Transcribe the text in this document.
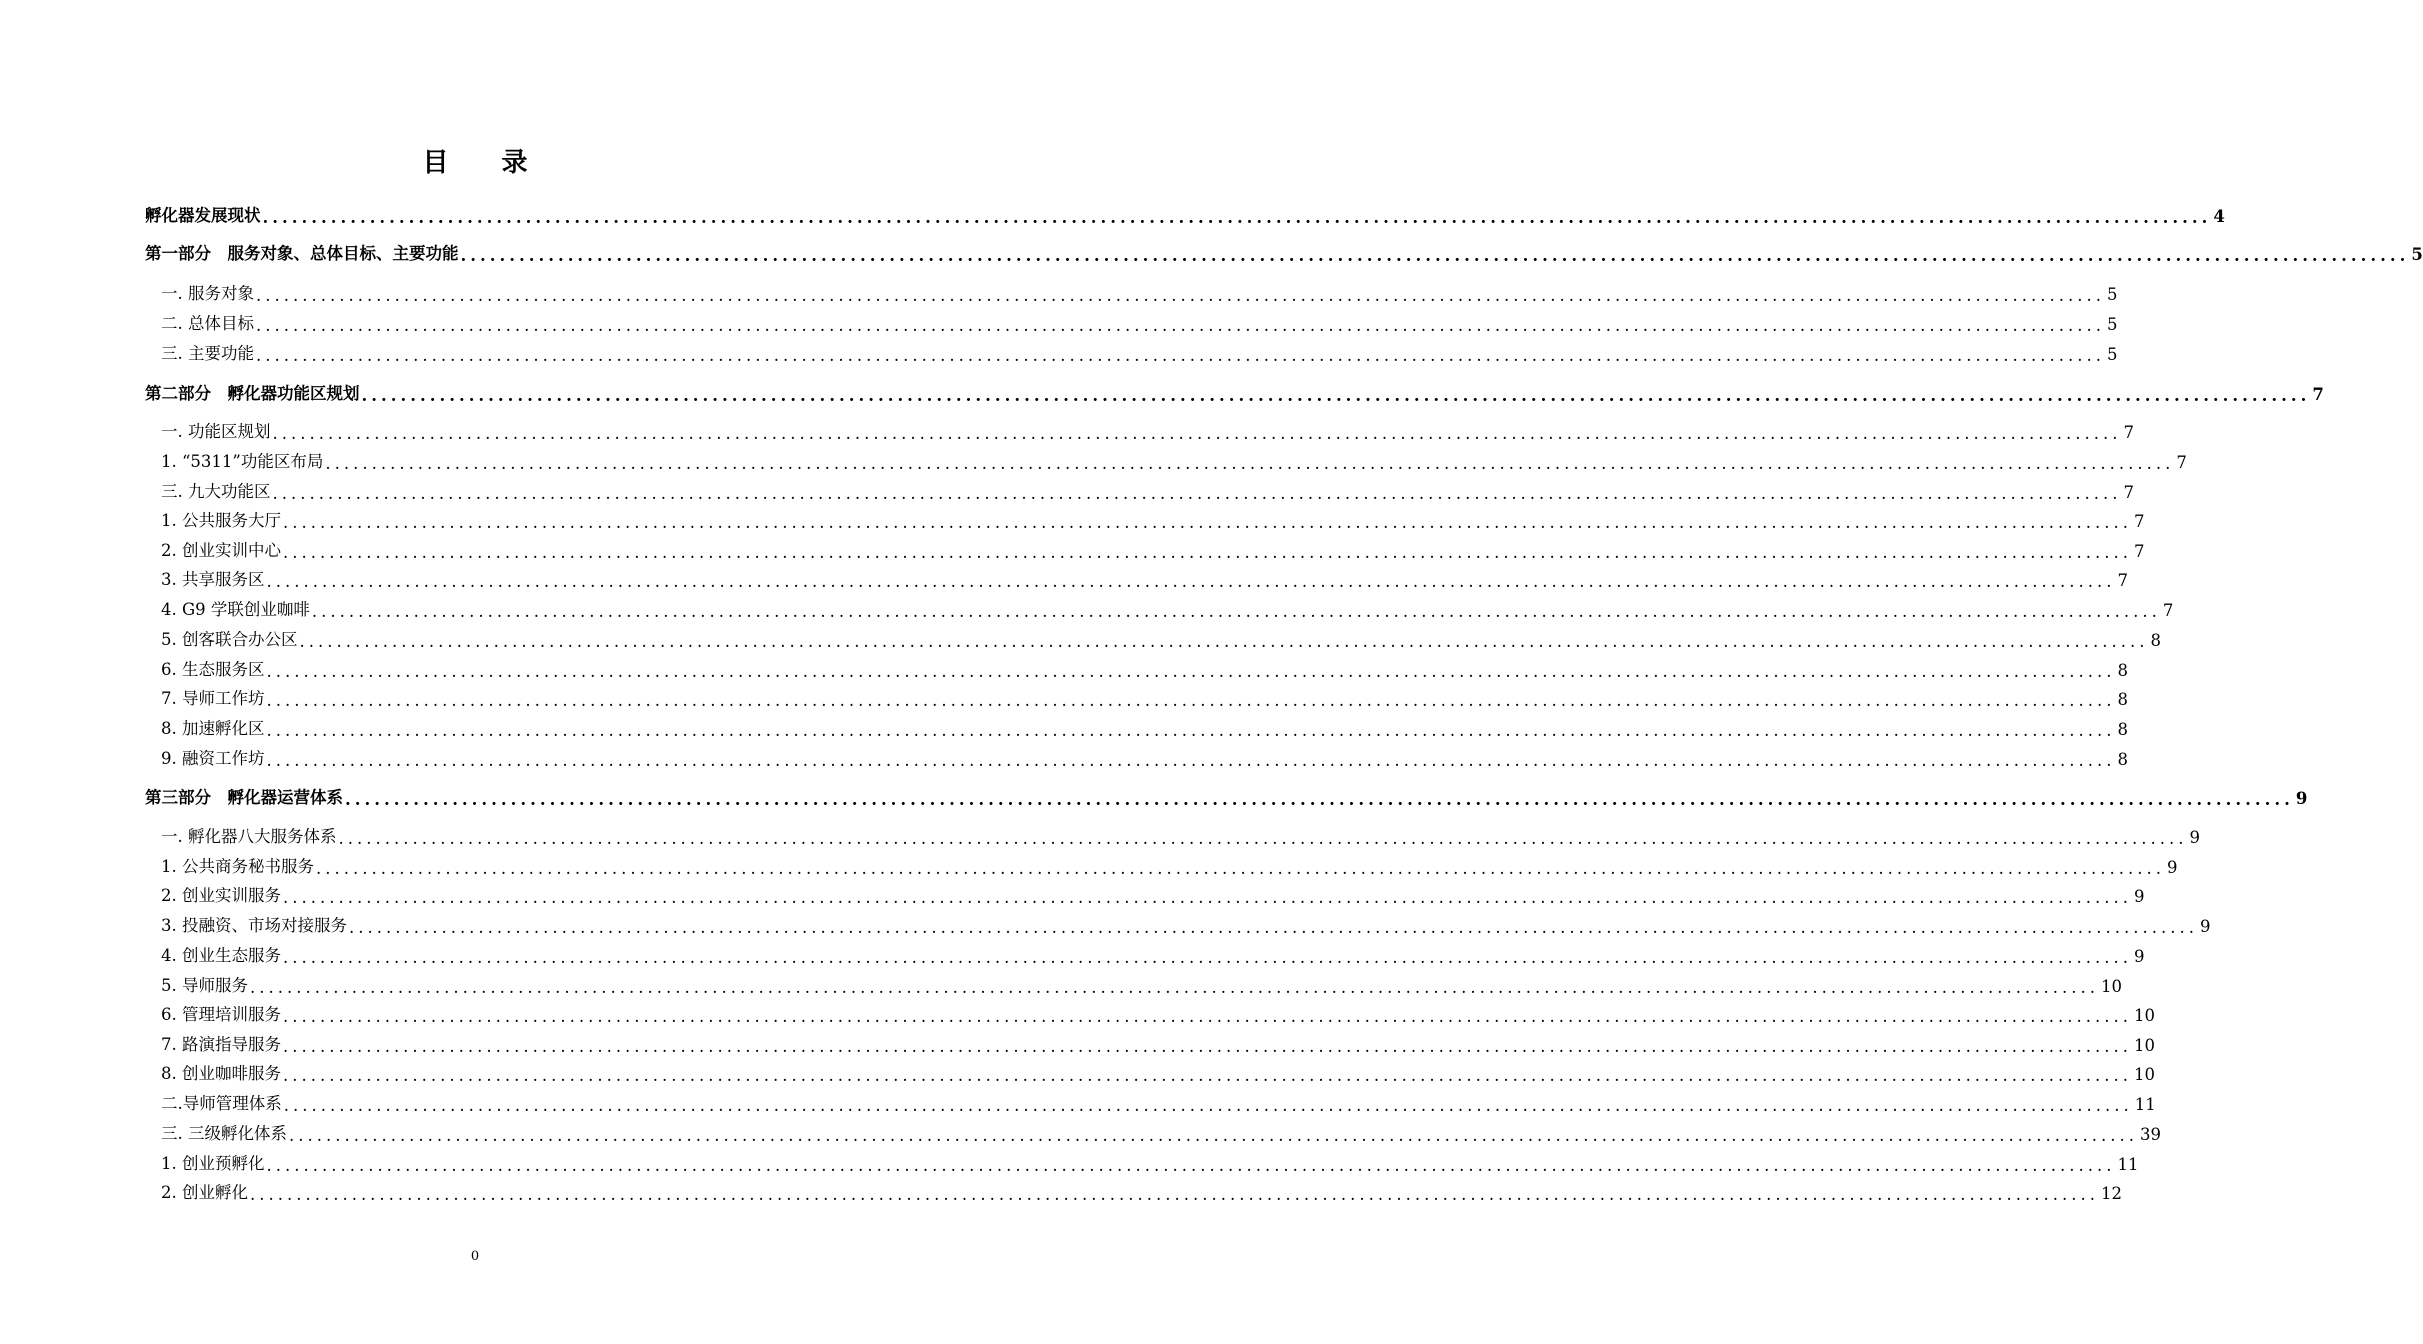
目 录
孵化器发展现状 ........................................................................................................................................................................................................ 4
第一部分　服务对象、总体目标、主要功能 ........................................................................................................................................................................................................ 5
一. 服务对象 ........................................................................................................................................................................................................ 5
二. 总体目标 ........................................................................................................................................................................................................ 5
三. 主要功能 ........................................................................................................................................................................................................ 5
第二部分　孵化器功能区规划 ........................................................................................................................................................................................................ 7
一. 功能区规划 ........................................................................................................................................................................................................ 7
1. “5311”功能区布局 ........................................................................................................................................................................................................ 7
三. 九大功能区 ........................................................................................................................................................................................................ 7
1. 公共服务大厅 ........................................................................................................................................................................................................ 7
2. 创业实训中心 ........................................................................................................................................................................................................ 7
3. 共享服务区 ........................................................................................................................................................................................................ 7
4. G9 学联创业咖啡 ........................................................................................................................................................................................................ 7
5. 创客联合办公区 ........................................................................................................................................................................................................ 8
6. 生态服务区 ........................................................................................................................................................................................................ 8
7. 导师工作坊 ........................................................................................................................................................................................................ 8
8. 加速孵化区 ........................................................................................................................................................................................................ 8
9. 融资工作坊 ........................................................................................................................................................................................................ 8
第三部分　孵化器运营体系 ........................................................................................................................................................................................................ 9
一. 孵化器八大服务体系 ........................................................................................................................................................................................................ 9
1. 公共商务秘书服务 ........................................................................................................................................................................................................ 9
2. 创业实训服务 ........................................................................................................................................................................................................ 9
3. 投融资、市场对接服务 ........................................................................................................................................................................................................ 9
4. 创业生态服务 ........................................................................................................................................................................................................ 9
5. 导师服务 ........................................................................................................................................................................................................ 10
6. 管理培训服务 ........................................................................................................................................................................................................ 10
7. 路演指导服务 ........................................................................................................................................................................................................ 10
8. 创业咖啡服务 ........................................................................................................................................................................................................ 10
二.导师管理体系 ........................................................................................................................................................................................................ 11
三. 三级孵化体系 ........................................................................................................................................................................................................ 39
1. 创业预孵化 ........................................................................................................................................................................................................ 11
2. 创业孵化 ........................................................................................................................................................................................................ 12
0
